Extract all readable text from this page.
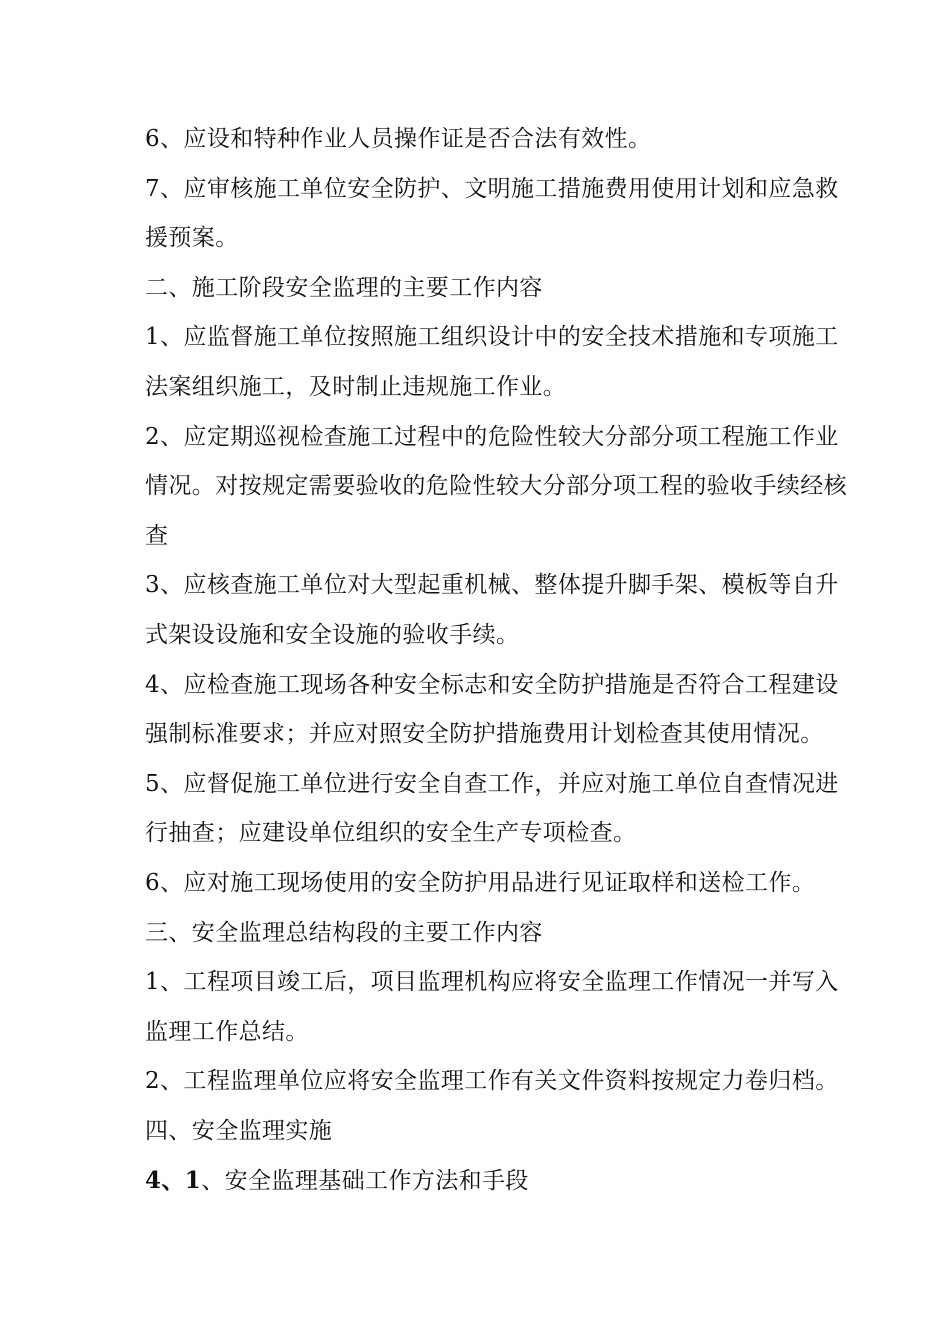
6、应设和特种作业人员操作证是否合法有效性。
7、应审核施工单位安全防护、文明施工措施费用使用计划和应急救
援预案。
二、施工阶段安全监理的主要工作内容
1、应监督施工单位按照施工组织设计中的安全技术措施和专项施工
法案组织施工，及时制止违规施工作业。
2、应定期巡视检查施工过程中的危险性较大分部分项工程施工作业
情况。对按规定需要验收的危险性较大分部分项工程的验收手续经核
查
3、应核查施工单位对大型起重机械、整体提升脚手架、模板等自升
式架设设施和安全设施的验收手续。
4、应检查施工现场各种安全标志和安全防护措施是否符合工程建设
强制标准要求；并应对照安全防护措施费用计划检查其使用情况。
5、应督促施工单位进行安全自查工作，并应对施工单位自查情况进
行抽查；应建设单位组织的安全生产专项检查。
6、应对施工现场使用的安全防护用品进行见证取样和送检工作。
三、安全监理总结构段的主要工作内容
1、工程项目竣工后，项目监理机构应将安全监理工作情况一并写入
监理工作总结。
2、工程监理单位应将安全监理工作有关文件资料按规定力卷归档。
四、安全监理实施
4、1、安全监理基础工作方法和手段
